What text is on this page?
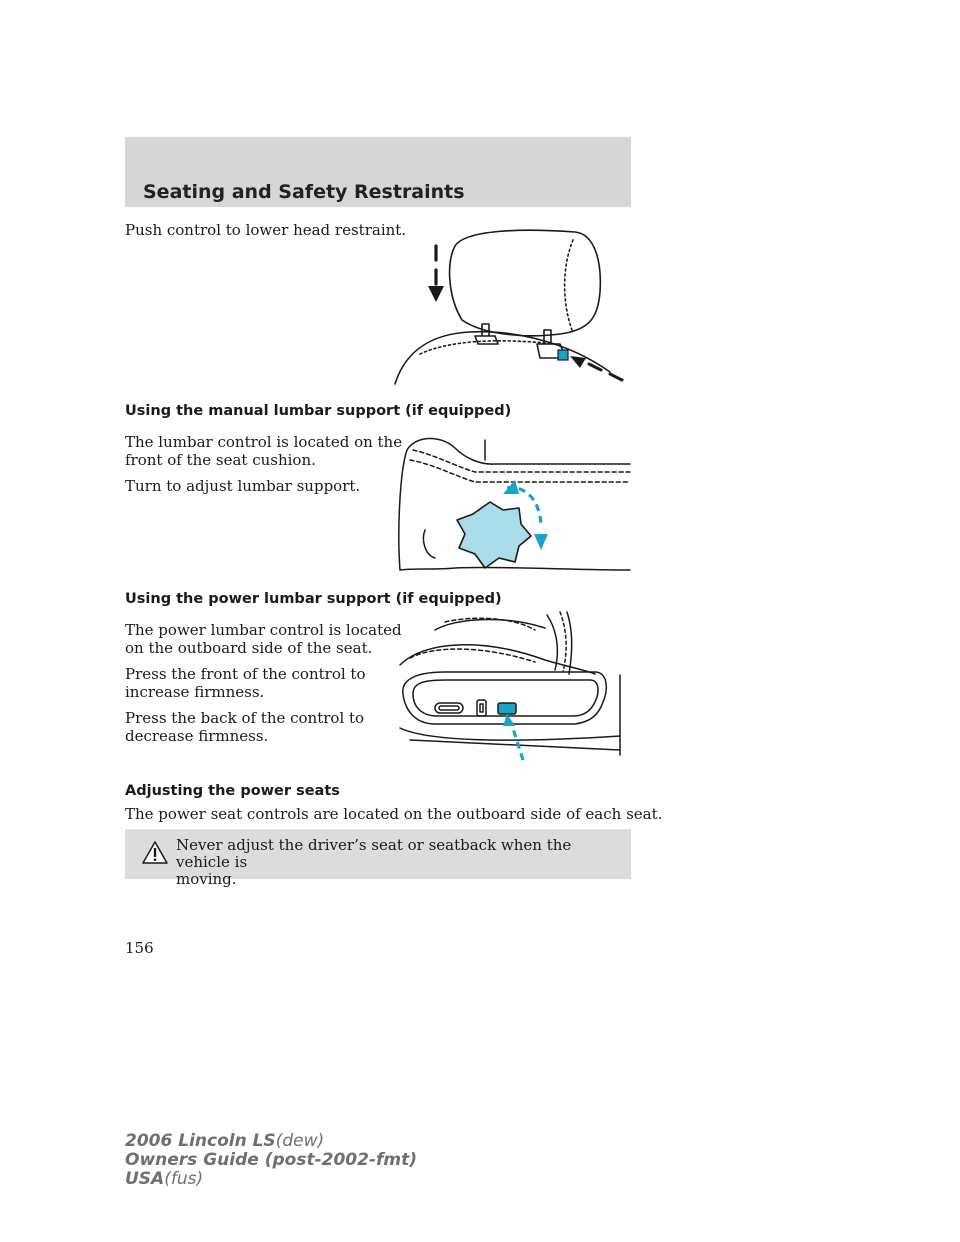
Seating and Safety Restraints
Push control to lower head restraint.
Using the manual lumbar support (if equipped)
The lumbar control is located on the
front of the seat cushion.
Turn to adjust lumbar support.
Using the power lumbar support (if equipped)
The power lumbar control is located
on the outboard side of the seat.
Press the front of the control to
increase firmness.
Press the back of the control to
decrease firmness.
Adjusting the power seats
The power seat controls are located on the outboard side of each seat.
Never adjust the driver’s seat or seatback when the vehicle is
moving.
156
2006 Lincoln LS(dew)
Owners Guide (post-2002-fmt)
USA(fus)
